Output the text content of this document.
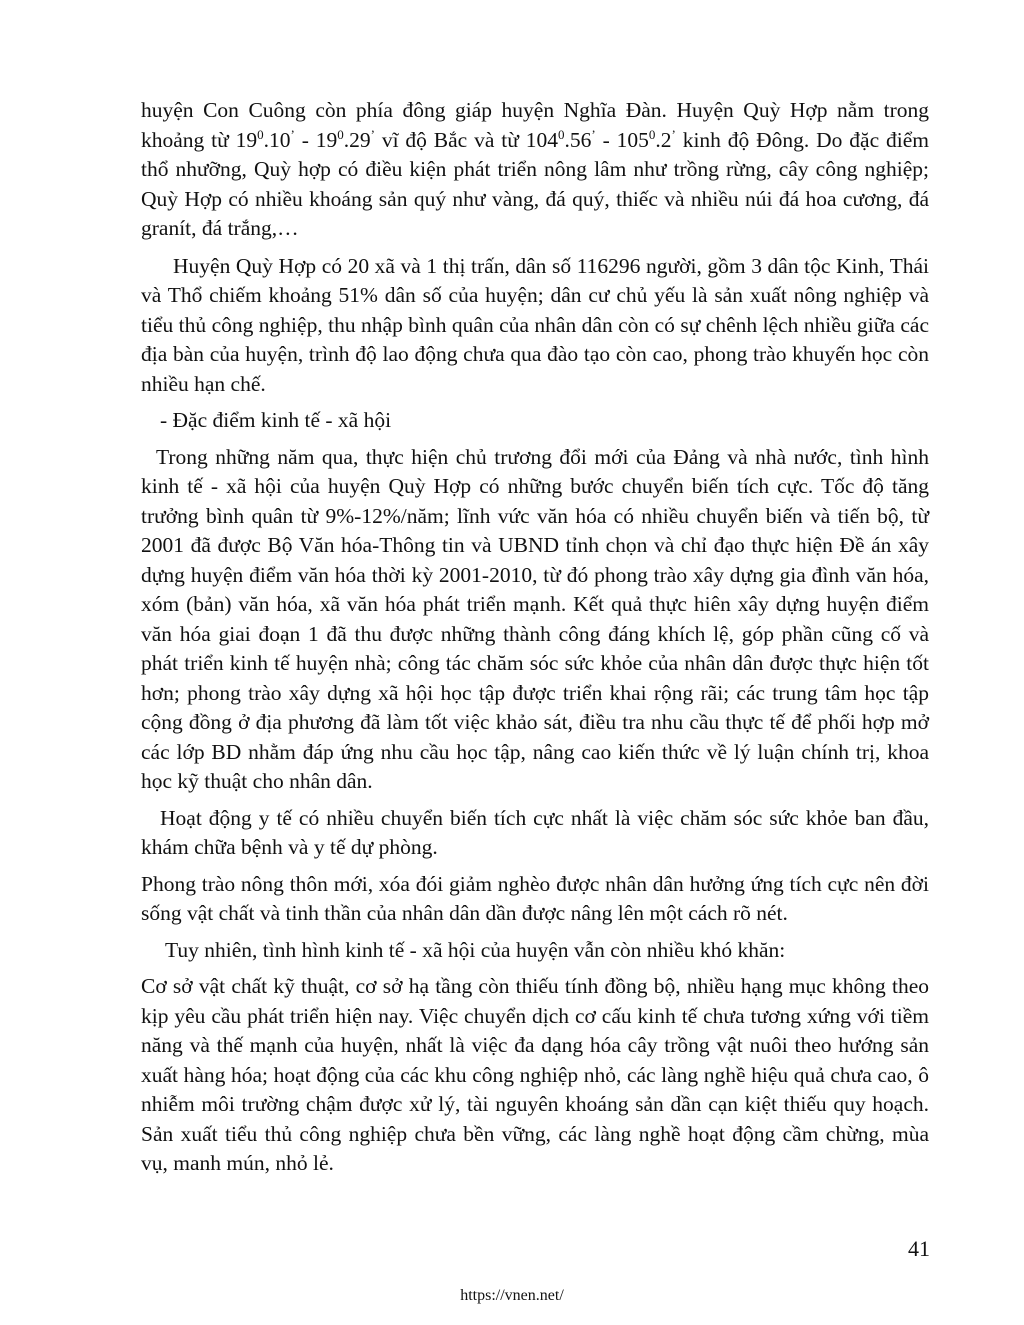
huyện Con Cuông còn phía đông giáp huyện Nghĩa Đàn. Huyện Quỳ Hợp nằm trong khoảng từ $19^0.10^’ - 19^0.29^’$ vĩ độ Bắc và từ $104^0.56^’ - 105^0.2^’$ kinh độ Đông. Do đặc điểm thổ nhưỡng, Quỳ hợp có điều kiện phát triển nông lâm như trồng rừng, cây công nghiệp; Quỳ Hợp có nhiều khoáng sản quý như vàng, đá quý, thiếc và nhiều núi đá hoa cương, đá granít, đá trắng,…

Huyện Quỳ Hợp có 20 xã và 1 thị trấn, dân số 116296 người, gồm 3 dân tộc Kinh, Thái và Thổ chiếm khoảng 51% dân số của huyện; dân cư chủ yếu là sản xuất nông nghiệp và tiểu thủ công nghiệp, thu nhập bình quân của nhân dân còn có sự chênh lệch nhiều giữa các địa bàn của huyện, trình độ lao động chưa qua đào tạo còn cao, phong trào khuyến học còn nhiều hạn chế.

- Đặc điểm kinh tế - xã hội

Trong những năm qua, thực hiện chủ trương đổi mới của Đảng và nhà nước, tình hình kinh tế - xã hội của huyện Quỳ Hợp có những bước chuyển biến tích cực. Tốc độ tăng trưởng bình quân từ 9%-12%/năm; lĩnh vức văn hóa có nhiều chuyển biến và tiến bộ, từ 2001 đã được Bộ Văn hóa-Thông tin và UBND tỉnh chọn và chỉ đạo thực hiện Đề án xây dựng huyện điểm văn hóa thời kỳ 2001-2010, từ đó phong trào xây dựng gia đình văn hóa, xóm (bản) văn hóa, xã văn hóa phát triển mạnh. Kết quả thực hiên xây dựng huyện điểm văn hóa giai đoạn 1 đã thu được những thành công đáng khích lệ, góp phần cũng cố và phát triển kinh tế huyện nhà; công tác chăm sóc sức khỏe của nhân dân được thực hiện tốt hơn; phong trào xây dựng xã hội học tập được triển khai rộng rãi; các trung tâm học tập cộng đồng ở địa phương đã làm tốt việc khảo sát, điều tra nhu cầu thực tế để phối hợp mở các lớp BD nhằm đáp ứng nhu cầu học tập, nâng cao kiến thức về lý luận chính trị, khoa học kỹ thuật cho nhân dân.

Hoạt động y tế có nhiều chuyển biến tích cực nhất là việc chăm sóc sức khỏe ban đầu, khám chữa bệnh và y tế dự phòng.

Phong trào nông thôn mới, xóa đói giảm nghèo được nhân dân hưởng ứng tích cực nên đời sống vật chất và tinh thần của nhân dân dần được nâng lên một cách rõ nét.

Tuy nhiên, tình hình kinh tế - xã hội của huyện vẫn còn nhiều khó khăn:

Cơ sở vật chất kỹ thuật, cơ sở hạ tầng còn thiếu tính đồng bộ, nhiều hạng mục không theo kịp yêu cầu phát triển hiện nay. Việc chuyển dịch cơ cấu kinh tế chưa tương xứng với tiềm năng và thế mạnh của huyện, nhất là việc đa dạng hóa cây trồng vật nuôi theo hướng sản xuất hàng hóa; hoạt động của các khu công nghiệp nhỏ, các làng nghề hiệu quả chưa cao, ô nhiễm môi trường chậm được xử lý, tài nguyên khoáng sản dần cạn kiệt thiếu quy hoạch. Sản xuất tiểu thủ công nghiệp chưa bền vững, các làng nghề hoạt động cầm chừng, mùa vụ, manh mún, nhỏ lẻ.

41
https://vnen.net/
